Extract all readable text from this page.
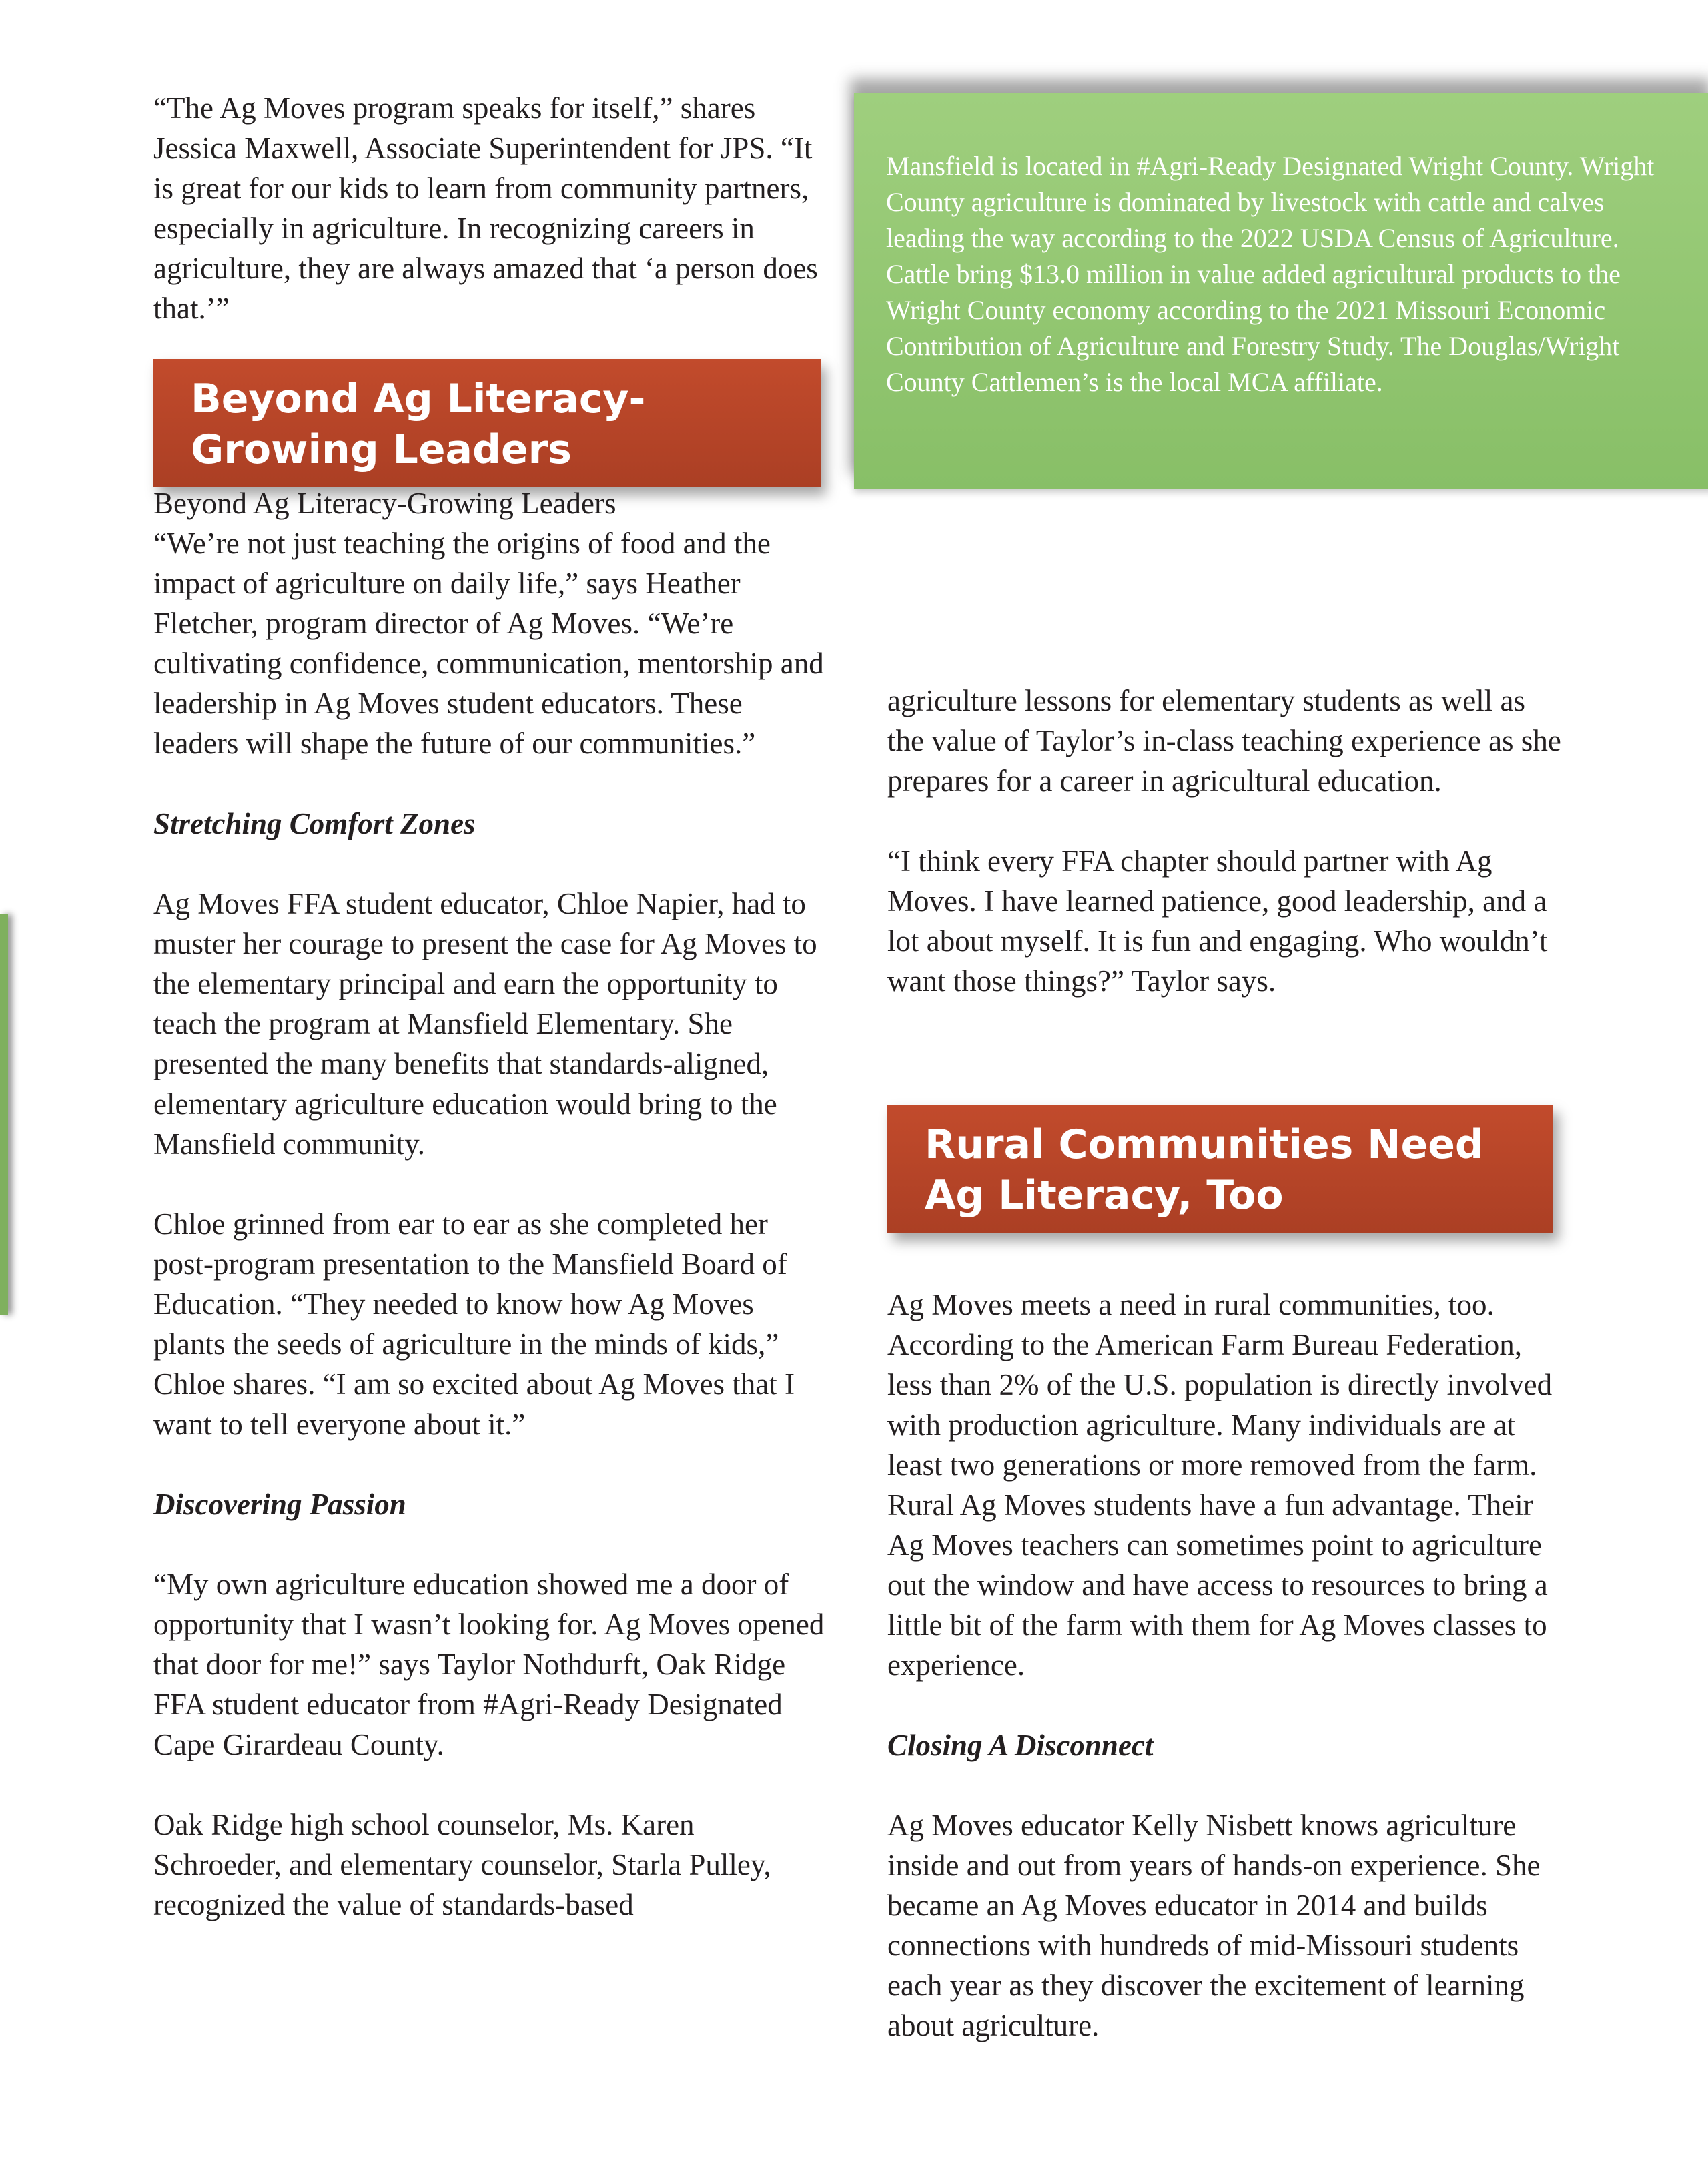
Mansfield is located in #Agri-Ready Designated Wright County. Wright County agriculture is dominated by livestock with cattle and calves leading the way according to the 2022 USDA Census of Agriculture. Cattle bring $13.0 million in value added agricultural products to the Wright County economy according to the 2021 Missouri Economic Contribution of Agriculture and Forestry Study. The Douglas/Wright County Cattlemen’s is the local MCA affiliate.
Beyond Ag Literacy-Growing Leaders
Rural Communities Need Ag Literacy, Too

“The Ag Moves program speaks for itself,” shares Jessica Maxwell, Associate Superintendent for JPS. “It is great for our kids to learn from community partners, especially in agriculture. In recognizing careers in agriculture, they are always amazed that ‘a person does that.’”

Beyond Ag Literacy-Growing Leaders
“We’re not just teaching the origins of food and the impact of agriculture on daily life,” says Heather Fletcher, program director of Ag Moves. “We’re cultivating confidence, communication, mentorship and leadership in Ag Moves student educators. These leaders will shape the future of our communities.”

Stretching Comfort Zones

Ag Moves FFA student educator, Chloe Napier, had to muster her courage to present the case for Ag Moves to the elementary principal and earn the opportunity to teach the program at Mansfield Elementary. She presented the many benefits that standards-aligned, elementary agriculture education would bring to the Mansfield community.

Chloe grinned from ear to ear as she completed her post-program presentation to the Mansfield Board of Education. “They needed to know how Ag Moves plants the seeds of agriculture in the minds of kids,” Chloe shares. “I am so excited about Ag Moves that I want to tell everyone about it.”

Discovering Passion

“My own agriculture education showed me a door of opportunity that I wasn’t looking for. Ag Moves opened that door for me!” says Taylor Nothdurft, Oak Ridge FFA student educator from #Agri-Ready Designated Cape Girardeau County.

Oak Ridge high school counselor, Ms. Karen Schroeder, and elementary counselor, Starla Pulley, recognized the value of standards-based

agriculture lessons for elementary students as well as the value of Taylor’s in-class teaching experience as she prepares for a career in agricultural education.

“I think every FFA chapter should partner with Ag Moves. I have learned patience, good leadership, and a lot about myself. It is fun and engaging. Who wouldn’t want those things?” Taylor says.

Ag Moves meets a need in rural communities, too. According to the American Farm Bureau Federation, less than 2% of the U.S. population is directly involved with production agriculture. Many individuals are at least two generations or more removed from the farm. Rural Ag Moves students have a fun advantage. Their Ag Moves teachers can sometimes point to agriculture out the window and have access to resources to bring a little bit of the farm with them for Ag Moves classes to experience.

Closing A Disconnect

Ag Moves educator Kelly Nisbett knows agriculture inside and out from years of hands-on experience. She became an Ag Moves educator in 2014 and builds connections with hundreds of mid-Missouri students each year as they discover the excitement of learning about agriculture.
